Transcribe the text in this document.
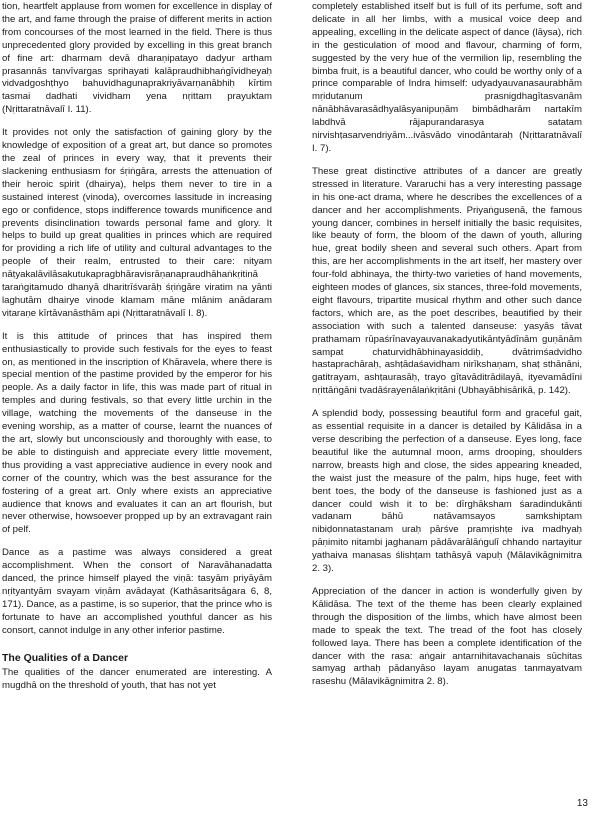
tion, heartfelt applause from women for excellence in display of the art, and fame through the praise of different merits in action from concourses of the most learned in the field. There is thus unprecedented glory provided by excelling in this great branch of fine art: dharmam devā dharaṇipatayo dadyur artham prasannās tanvīvargas sprihayati kalāpraudhibhaṅgīvidheyaḥ vidvadgoshṭhyo bahuvidhagunaprakriyāvarṇanābhiḥ kīrtim tasmai dadhati vividham yena nṛittam prayuktam (Nṛittaratnāvalī I. 11).

It provides not only the satisfaction of gaining glory by the knowledge of exposition of a great art, but dance so promotes the zeal of princes in every way, that it prevents their slackening enthusiasm for śṛiṅgāra, arrests the attenuation of their heroic spirit (dhairya), helps them never to tire in a sustained interest (vinoda), overcomes lassitude in increasing ego or confidence, stops indifference towards munificence and prevents disinclination towards personal fame and glory. It helps to build up great qualities in princes which are required for providing a rich life of utility and cultural advantages to the people of their realm, entrusted to their care: nityam nāṭyakalāvilāsakutukapragbhāravisrāṇanapraudhāhaṅkṛitinā taraṅgitamudo dhanyā dharitrīśvarāḥ śṛiṅgāre viratim na yānti laghutām dhairye vinode klamam māne mlānim anādaram vitaraṇe kīrtāvanāsthām api (Nṛittaratnāvalī I. 8).

It is this attitude of princes that has inspired them enthusiastically to provide such festivals for the eyes to feast on, as mentioned in the inscription of Khāravela, where there is special mention of the pastime provided by the emperor for his people. As a daily factor in life, this was made part of ritual in temples and during festivals, so that every little urchin in the village, watching the movements of the danseuse in the evening worship, as a matter of course, learnt the nuances of the art, slowly but unconsciously and thoroughly with ease, to be able to distinguish and appreciate every little movement, thus providing a vast appreciative audience in every nook and corner of the country, which was the best assurance for the fostering of a great art. Only where exists an appreciative audience that knows and evaluates it can an art flourish, but never otherwise, howsoever propped up by an extravagant rain of pelf.

Dance as a pastime was always considered a great accomplishment. When the consort of Naravāhanadatta danced, the prince himself played the viṇā: tasyām priyāyām nṛityantyām svayam viṇām avādayat (Kathāsaritsāgara 6, 8, 171). Dance, as a pastime, is so superior, that the prince who is fortunate to have an accomplished youthful dancer as his consort, cannot indulge in any other inferior pastime.

The Qualities of a Dancer

The qualities of the dancer enumerated are interesting. A mugdhā on the threshold of youth, that has not yet

completely established itself but is full of its perfume, soft and delicate in all her limbs, with a musical voice deep and appealing, excelling in the delicate aspect of dance (lāysa), rich in the gesticulation of mood and flavour, charming of form, suggested by the very hue of the vermilion lip, resembling the bimba fruit, is a beautiful dancer, who could be worthy only of a prince comparable of Indra himself: udyadyauvanasaurabhām mṛidutanum prasnigdhagītasvanām nānābhāvarasādhyalāsyanipuṇām bimbādharām nartakīm labdhvā rājapurandarasya satatam nirvishṭasarvendriyām...ivāsvādo vinodāntaraḥ (Nṛittaratnāvalī I. 7).

These great distinctive attributes of a dancer are greatly stressed in literature. Vararuchi has a very interesting passage in his one-act drama, where he describes the excellences of a dancer and her accomplishments. Priyaṅgusenā, the famous young dancer, combines in herself initially the basic requisites, like beauty of form, the bloom of the dawn of youth, alluring hue, great bodily sheen and several such others. Apart from this, are her accomplishments in the art itself, her mastery over four-fold abhinaya, the thirty-two varieties of hand movements, eighteen modes of glances, six stances, three-fold movements, eight flavours, tripartite musical rhythm and other such dance factors, which are, as the poet describes, beautified by their association with such a talented danseuse: yasyās tāvat prathamam rūpaśrīnavayauvanakadyutikāntyādīnām guṇānām sampat chaturvidhābhinayasiddiḥ, dvātrimśadvidho hastaprachāraḥ, ashṭādaśavidham nirīkshaṇam, shaṭ sthānāni, gatitrayam, ashṭaurasāḥ, trayo gītavāditrādilayā, ityevamādīni nṛittāṅgāni tvadāśrayenālaṅkṛitāni (Ubhayābhisārikā, p. 142).

A splendid body, possessing beautiful form and graceful gait, as essential requisite in a dancer is detailed by Kālidāsa in a verse describing the perfection of a danseuse. Eyes long, face beautiful like the autumnal moon, arms drooping, shoulders narrow, breasts high and close, the sides appearing kneaded, the waist just the measure of the palm, hips huge, feet with bent toes, the body of the danseuse is fashioned just as a dancer could wish it to be: dīrghāksham śaradindukānti vadanam bāhū natāvamsayos samkshiptam nibiḍonnatastanam uraḥ pārśve pramṛishṭe iva madhyaḥ pāṇimito nitambi jaghanam pādāvarālāṅgulī chhando nartayitur yathaiva manasas ślishṭam tathāsyā vapuḥ (Mālavikāgnimitra 2. 3).

Appreciation of the dancer in action is wonderfully given by Kālidāsa. The text of the theme has been clearly explained through the disposition of the limbs, which have almost been made to speak the text. The tread of the foot has closely followed laya. There has been a complete identification of the dancer with the rasa: aṅgair antarnihitavachanais sūchitas samyag arthaḥ pādanyāso layam anugatas tanmayatvam raseshu (Mālavikāgnimitra 2. 8).

13
